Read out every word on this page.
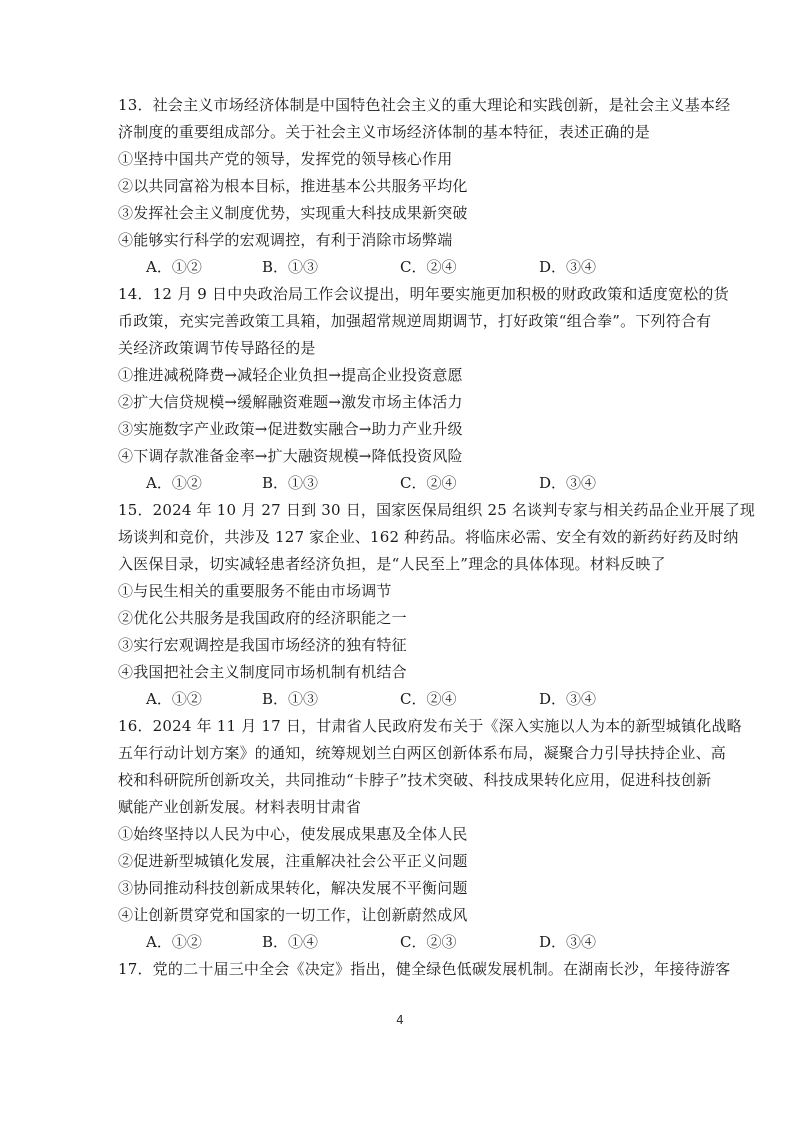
13．社会主义市场经济体制是中国特色社会主义的重大理论和实践创新，是社会主义基本经
济制度的重要组成部分。关于社会主义市场经济体制的基本特征，表述正确的是
①坚持中国共产党的领导，发挥党的领导核心作用
②以共同富裕为根本目标，推进基本公共服务平均化
③发挥社会主义制度优势，实现重大科技成果新突破
④能够实行科学的宏观调控，有利于消除市场弊端
A．①②	B．①③	C．②④	D．③④
14．12 月 9 日中央政治局工作会议提出，明年要实施更加积极的财政政策和适度宽松的货
币政策，充实完善政策工具箱，加强超常规逆周期调节，打好政策“组合拳”。下列符合有
关经济政策调节传导路径的是
①推进减税降费→减轻企业负担→提高企业投资意愿
②扩大信贷规模→缓解融资难题→激发市场主体活力
③实施数字产业政策→促进数实融合→助力产业升级
④下调存款准备金率→扩大融资规模→降低投资风险
A．①②	B．①③	C．②④	D．③④
15．2024 年 10 月 27 日到 30 日，国家医保局组织 25 名谈判专家与相关药品企业开展了现
场谈判和竞价，共涉及 127 家企业、162 种药品。将临床必需、安全有效的新药好药及时纳
入医保目录，切实减轻患者经济负担，是“人民至上”理念的具体体现。材料反映了
①与民生相关的重要服务不能由市场调节
②优化公共服务是我国政府的经济职能之一
③实行宏观调控是我国市场经济的独有特征
④我国把社会主义制度同市场机制有机结合
A．①②	B．①③	C．②④	D．③④
16．2024 年 11 月 17 日，甘肃省人民政府发布关于《深入实施以人为本的新型城镇化战略
五年行动计划方案》的通知，统筹规划兰白两区创新体系布局，凝聚合力引导扶持企业、高
校和科研院所创新攻关，共同推动“卡脖子”技术突破、科技成果转化应用，促进科技创新
赋能产业创新发展。材料表明甘肃省
①始终坚持以人民为中心，使发展成果惠及全体人民
②促进新型城镇化发展，注重解决社会公平正义问题
③协同推动科技创新成果转化，解决发展不平衡问题
④让创新贯穿党和国家的一切工作，让创新蔚然成风
A．①②	B．①④	C．②③	D．③④
17．党的二十届三中全会《决定》指出，健全绿色低碳发展机制。在湖南长沙，年接待游客
4
